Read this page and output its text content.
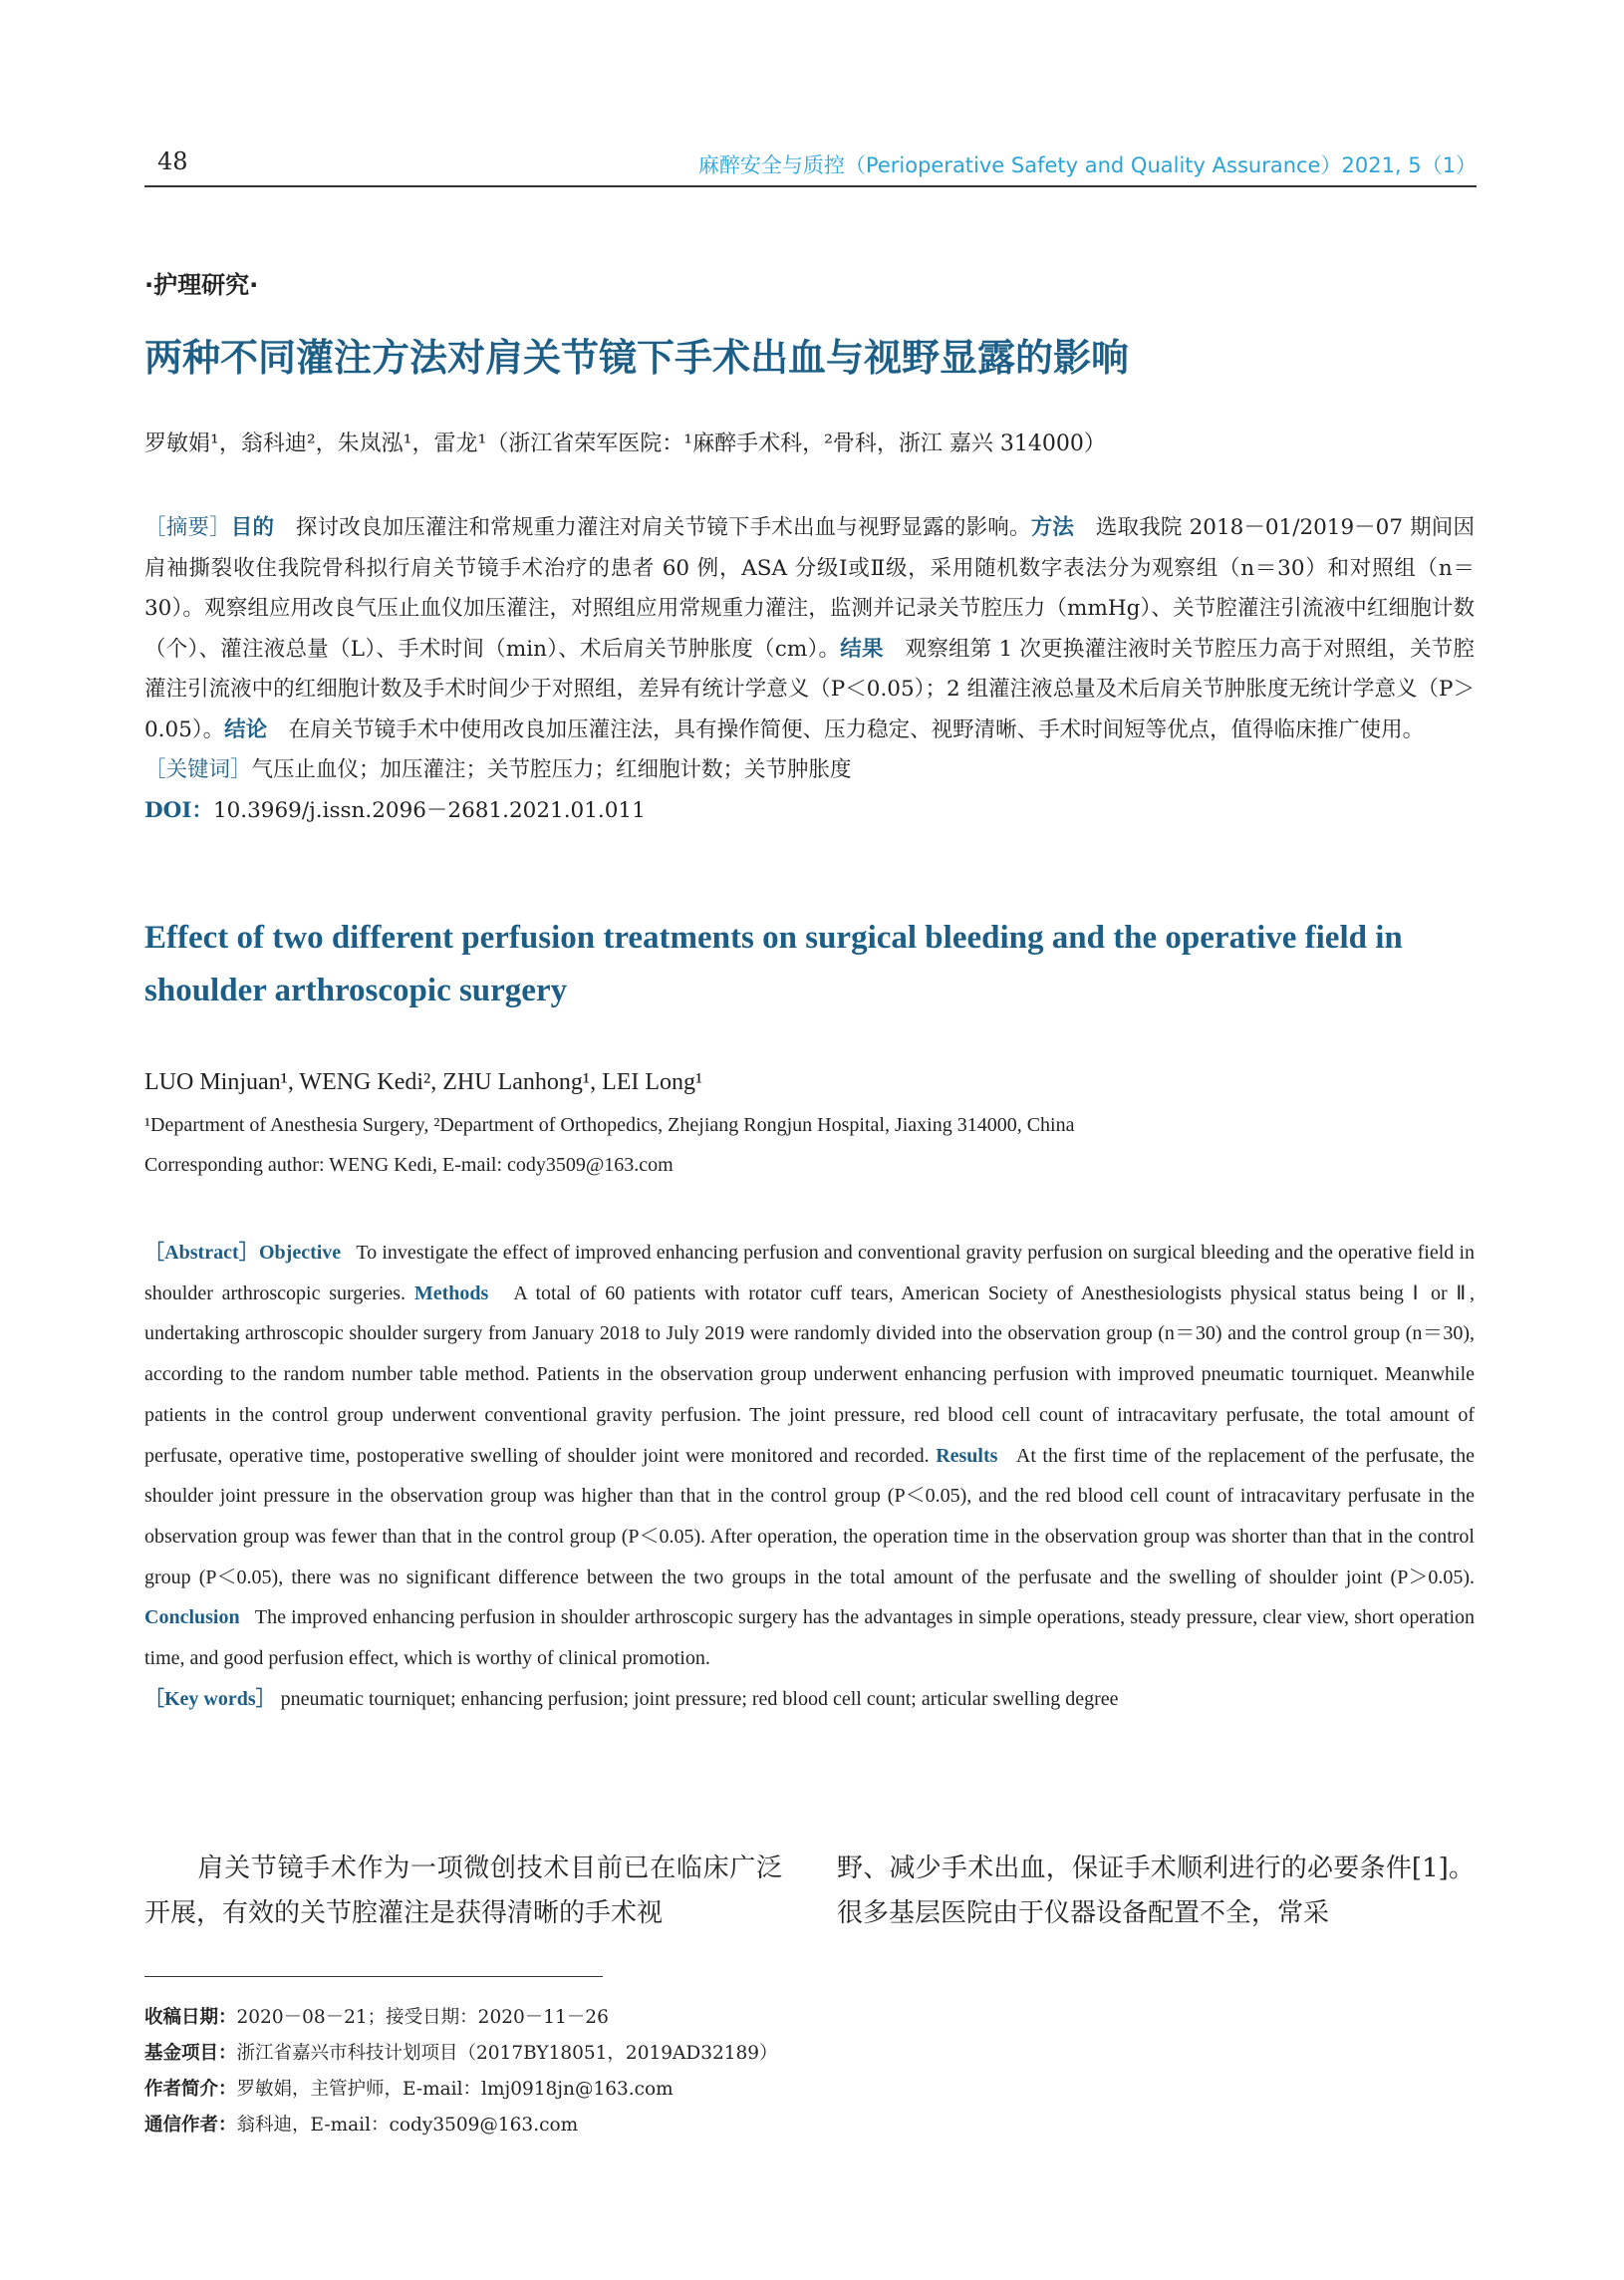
48	麻醉安全与质控（Perioperative Safety and Quality Assurance）2021, 5（1）
·护理研究·
两种不同灌注方法对肩关节镜下手术出血与视野显露的影响
罗敏娟¹，翁科迪²，朱岚泓¹，雷龙¹（浙江省荣军医院：¹麻醉手术科，²骨科，浙江 嘉兴 314000）
［摘要］目的　 探讨改良加压灌注和常规重力灌注对肩关节镜下手术出血与视野显露的影响。方法　 选取我院 2018－01/2019－07 期间因肩袖撕裂收住我院骨科拟行肩关节镜手术治疗的患者 60 例，ASA 分级Ⅰ或Ⅱ级，采用随机数字表法分为观察组（n＝30）和对照组（n＝30）。观察组应用改良气压止血仪加压灌注，对照组应用常规重力灌注，监测并记录关节腔压力（mmHg）、关节腔灌注引流液中红细胞计数（个）、灌注液总量（L）、手术时间（min）、术后肩关节肿胀度（cm）。结果　 观察组第 1 次更换灌注液时关节腔压力高于对照组，关节腔灌注引流液中的红细胞计数及手术时间少于对照组，差异有统计学意义（P＜0.05）；2 组灌注液总量及术后肩关节肿胀度无统计学意义（P＞0.05）。结论　 在肩关节镜手术中使用改良加压灌注法，具有操作简便、压力稳定、视野清晰、手术时间短等优点，值得临床推广使用。
［关键词］气压止血仪；加压灌注；关节腔压力；红细胞计数；关节肿胀度
DOI：10.3969/j.issn.2096－2681.2021.01.011
Effect of two different perfusion treatments on surgical bleeding and the operative field in shoulder arthroscopic surgery
LUO Minjuan¹, WENG Kedi², ZHU Lanhong¹, LEI Long¹
¹Department of Anesthesia Surgery, ²Department of Orthopedics, Zhejiang Rongjun Hospital, Jiaxing 314000, China
Corresponding author: WENG Kedi, E-mail: cody3509@163.com
［Abstract］Objective To investigate the effect of improved enhancing perfusion and conventional gravity perfusion on surgical bleeding and the operative field in shoulder arthroscopic surgeries. Methods A total of 60 patients with rotator cuff tears, American Society of Anesthesiologists physical status being Ⅰ or Ⅱ, undertaking arthroscopic shoulder surgery from January 2018 to July 2019 were randomly divided into the observation group (n＝30) and the control group (n＝30), according to the random number table method. Patients in the observation group underwent enhancing perfusion with improved pneumatic tourniquet. Meanwhile patients in the control group underwent conventional gravity perfusion. The joint pressure, red blood cell count of intracavitary perfusate, the total amount of perfusate, operative time, postoperative swelling of shoulder joint were monitored and recorded. Results At the first time of the replacement of the perfusate, the shoulder joint pressure in the observation group was higher than that in the control group (P＜0.05), and the red blood cell count of intracavitary perfusate in the observation group was fewer than that in the control group (P＜0.05). After operation, the operation time in the observation group was shorter than that in the control group (P＜0.05), there was no significant difference between the two groups in the total amount of the perfusate and the swelling of shoulder joint (P＞0.05). Conclusion The improved enhancing perfusion in shoulder arthroscopic surgery has the advantages in simple operations, steady pressure, clear view, short operation time, and good perfusion effect, which is worthy of clinical promotion.
［Key words］ pneumatic tourniquet; enhancing perfusion; joint pressure; red blood cell count; articular swelling degree
　　肩关节镜手术作为一项微创技术目前已在临床广泛开展，有效的关节腔灌注是获得清晰的手术视
野、减少手术出血，保证手术顺利进行的必要条件[1]。很多基层医院由于仪器设备配置不全，常采
收稿日期：2020－08－21；接受日期：2020－11－26
基金项目：浙江省嘉兴市科技计划项目（2017BY18051，2019AD32189）
作者简介：罗敏娟，主管护师，E-mail：lmj0918jn@163.com
通信作者：翁科迪，E-mail：cody3509@163.com
